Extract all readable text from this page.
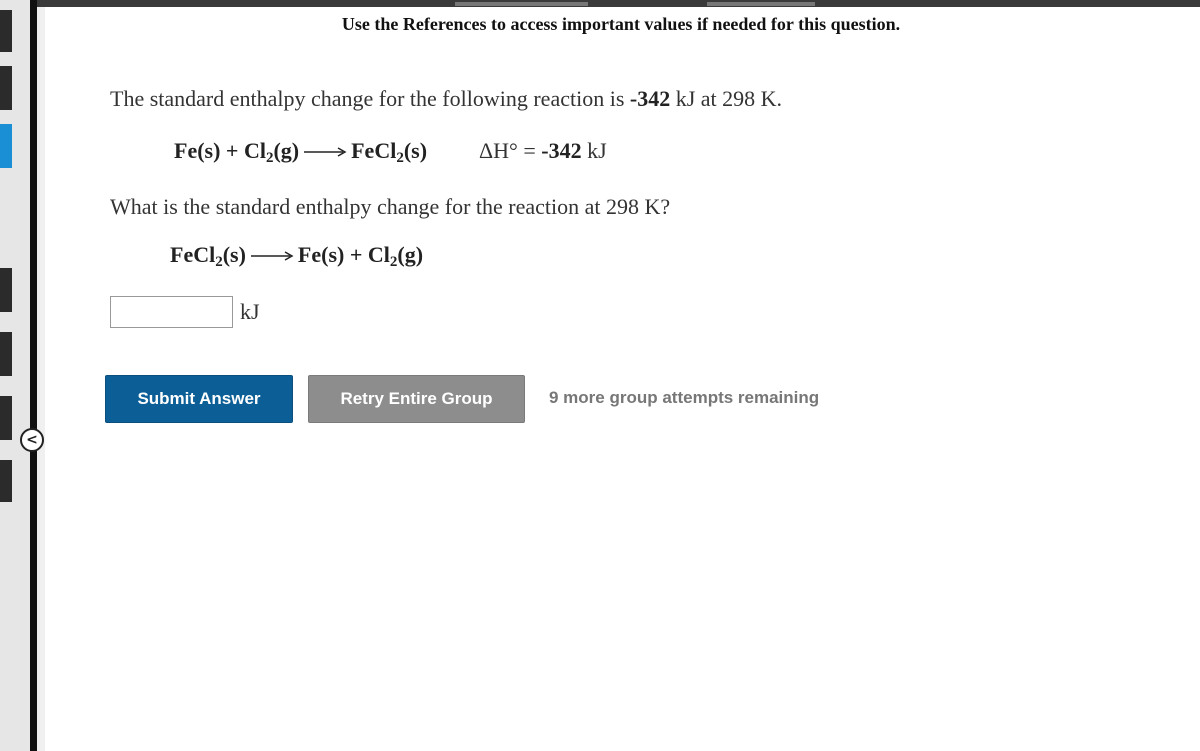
<
Use the References to access important values if needed for this question.
The standard enthalpy change for the following reaction is -342 kJ at 298 K.
$Fe(s) + Cl_2(g)$ → FeCl$_2$(s) ΔH° = -342 kJ
What is the standard enthalpy change for the reaction at 298 K?
FeCl$_2$(s) → $Fe(s) + Cl_2(g)$
kJ
Submit Answer	Retry Entire Group	9 more group attempts remaining
